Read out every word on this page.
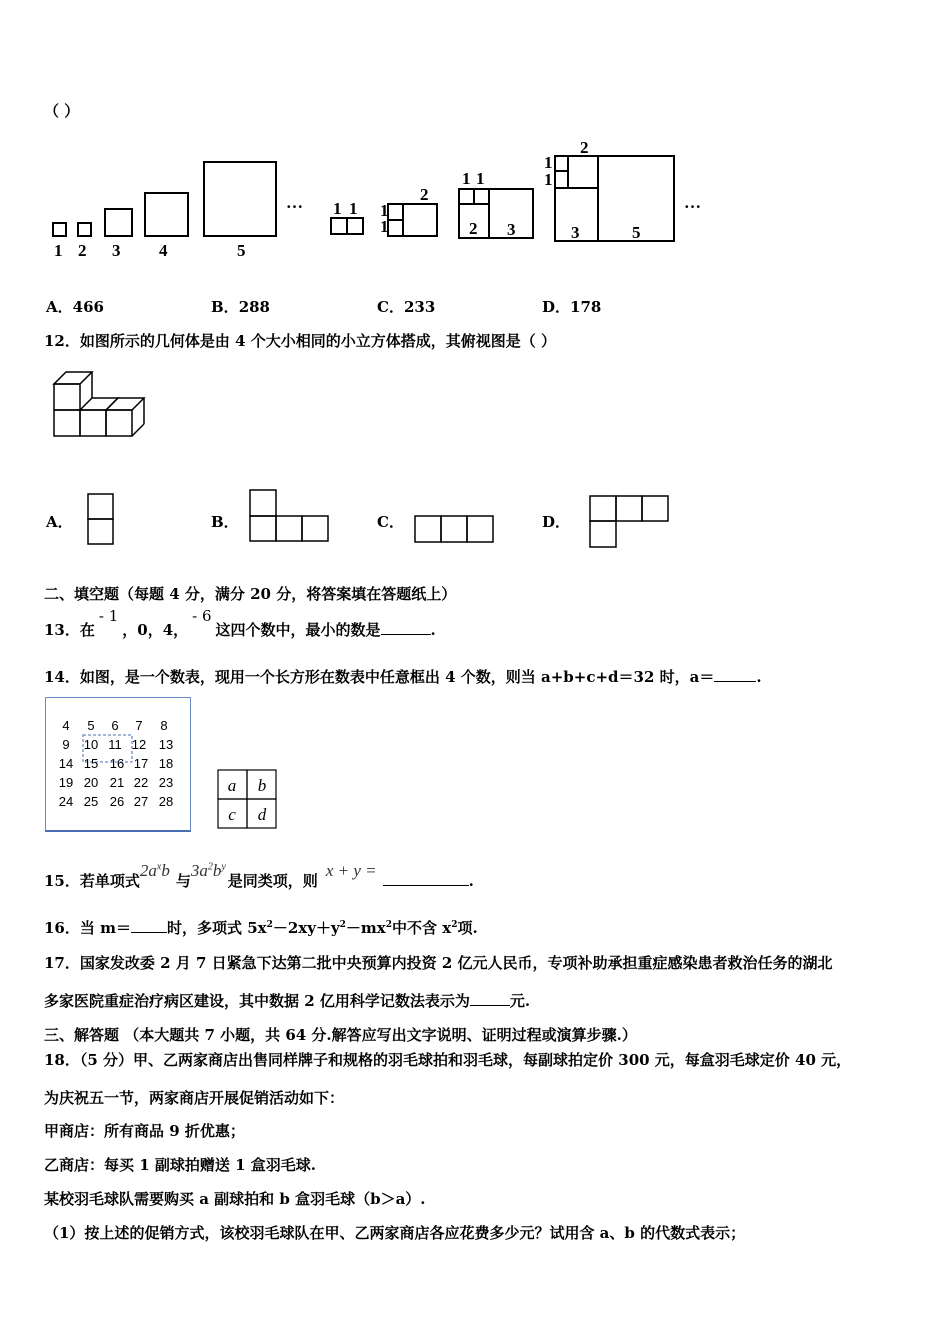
（ ）
1 2 3 4	5
… 1 1 1
1
2
1 1
2 3
1
1
2
3	5
…
A．466	B．288	C．233	D．178
12．如图所示的几何体是由 4 个大小相同的小立方体搭成，其俯视图是（ ）
A．	B．	C．	D．
二、填空题（每题 4 分，满分 20 分，将答案填在答题纸上）
13．在- 1，0，4，- 6这四个数中，最小的数是	.
14．如图，是一个数表，现用一个长方形在数表中任意框出 4 个数，则当 a+b+c+d＝32 时，a＝	.
4 5 6 7 8
9 10 11 12 13
14 15 16 17 18
19 20 21 22 23
24 25 26 27 28
a b
c d
15．若单项式$2a^xb$与$3a^2b^y$是同类项，则x + y =.
16．当 m＝ 时，多项式 $5x^2-2xy+y^2-mx^2$中不含 $x^2$项.
17．国家发改委 2 月 7 日紧急下达第二批中央预算内投资 2 亿元人民币，专项补助承担重症感染患者救治任务的湖北
多家医院重症治疗病区建设，其中数据 2 亿用科学记数法表示为	元.
三、解答题 （本大题共 7 小题，共 64 分.解答应写出文字说明、证明过程或演算步骤.）
18．（5 分）甲、乙两家商店出售同样牌子和规格的羽毛球拍和羽毛球，每副球拍定价 300 元，每盒羽毛球定价 40 元，
为庆祝五一节，两家商店开展促销活动如下：
甲商店：所有商品 9 折优惠；
乙商店：每买 1 副球拍赠送 1 盒羽毛球.
某校羽毛球队需要购买 a 副球拍和 b 盒羽毛球（b＞a）.
（1）按上述的促销方式，该校羽毛球队在甲、乙两家商店各应花费多少元？试用含 a、b 的代数式表示；
